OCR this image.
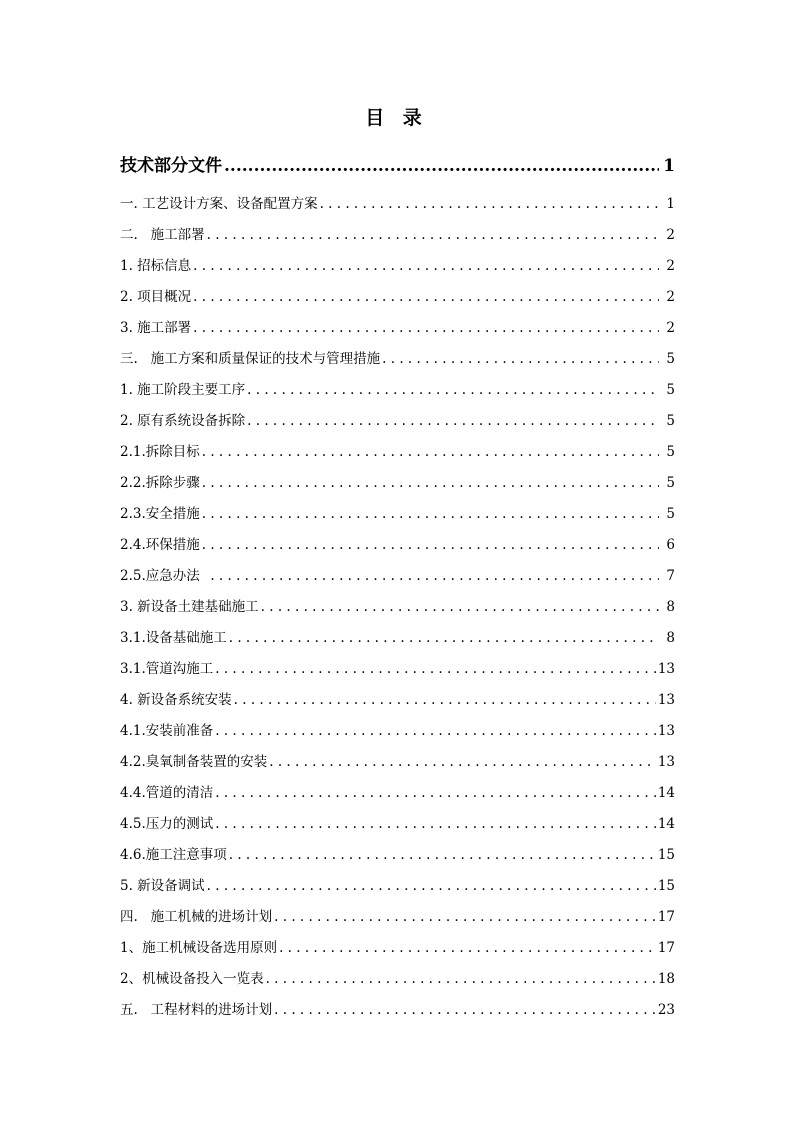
目 录
技术部分文件 .....	1
一. 工艺设计方案、设备配置方案 . . .	1
二.   施工部署 . . .	2
1. 招标信息 . . .	2
2. 项目概况 . . .	2
3. 施工部署 . . .	2
三.   施工方案和质量保证的技术与管理措施 . . .	5
1. 施工阶段主要工序 . . .	5
2. 原有系统设备拆除 . . .	5
2.1.拆除目标 . . .	5
2.2.拆除步骤 . . .	5
2.3.安全措施 . . .	5
2.4.环保措施 . . .	6
2.5.应急办法 . . .	7
3. 新设备土建基础施工 . . .	8
3.1.设备基础施工 . . .	8
3.1.管道沟施工 . . .	13
4. 新设备系统安装 . . .	13
4.1.安装前准备 . . .	13
4.2.臭氧制备装置的安装 . . .	13
4.4.管道的清洁 . . .	14
4.5.压力的测试 . . .	14
4.6.施工注意事项 . . .	15
5. 新设备调试 . . .	15
四.   施工机械的进场计划 . . .	17
1、施工机械设备选用原则 . . .	17
2、机械设备投入一览表 . . .	18
五.   工程材料的进场计划 . . .	23
